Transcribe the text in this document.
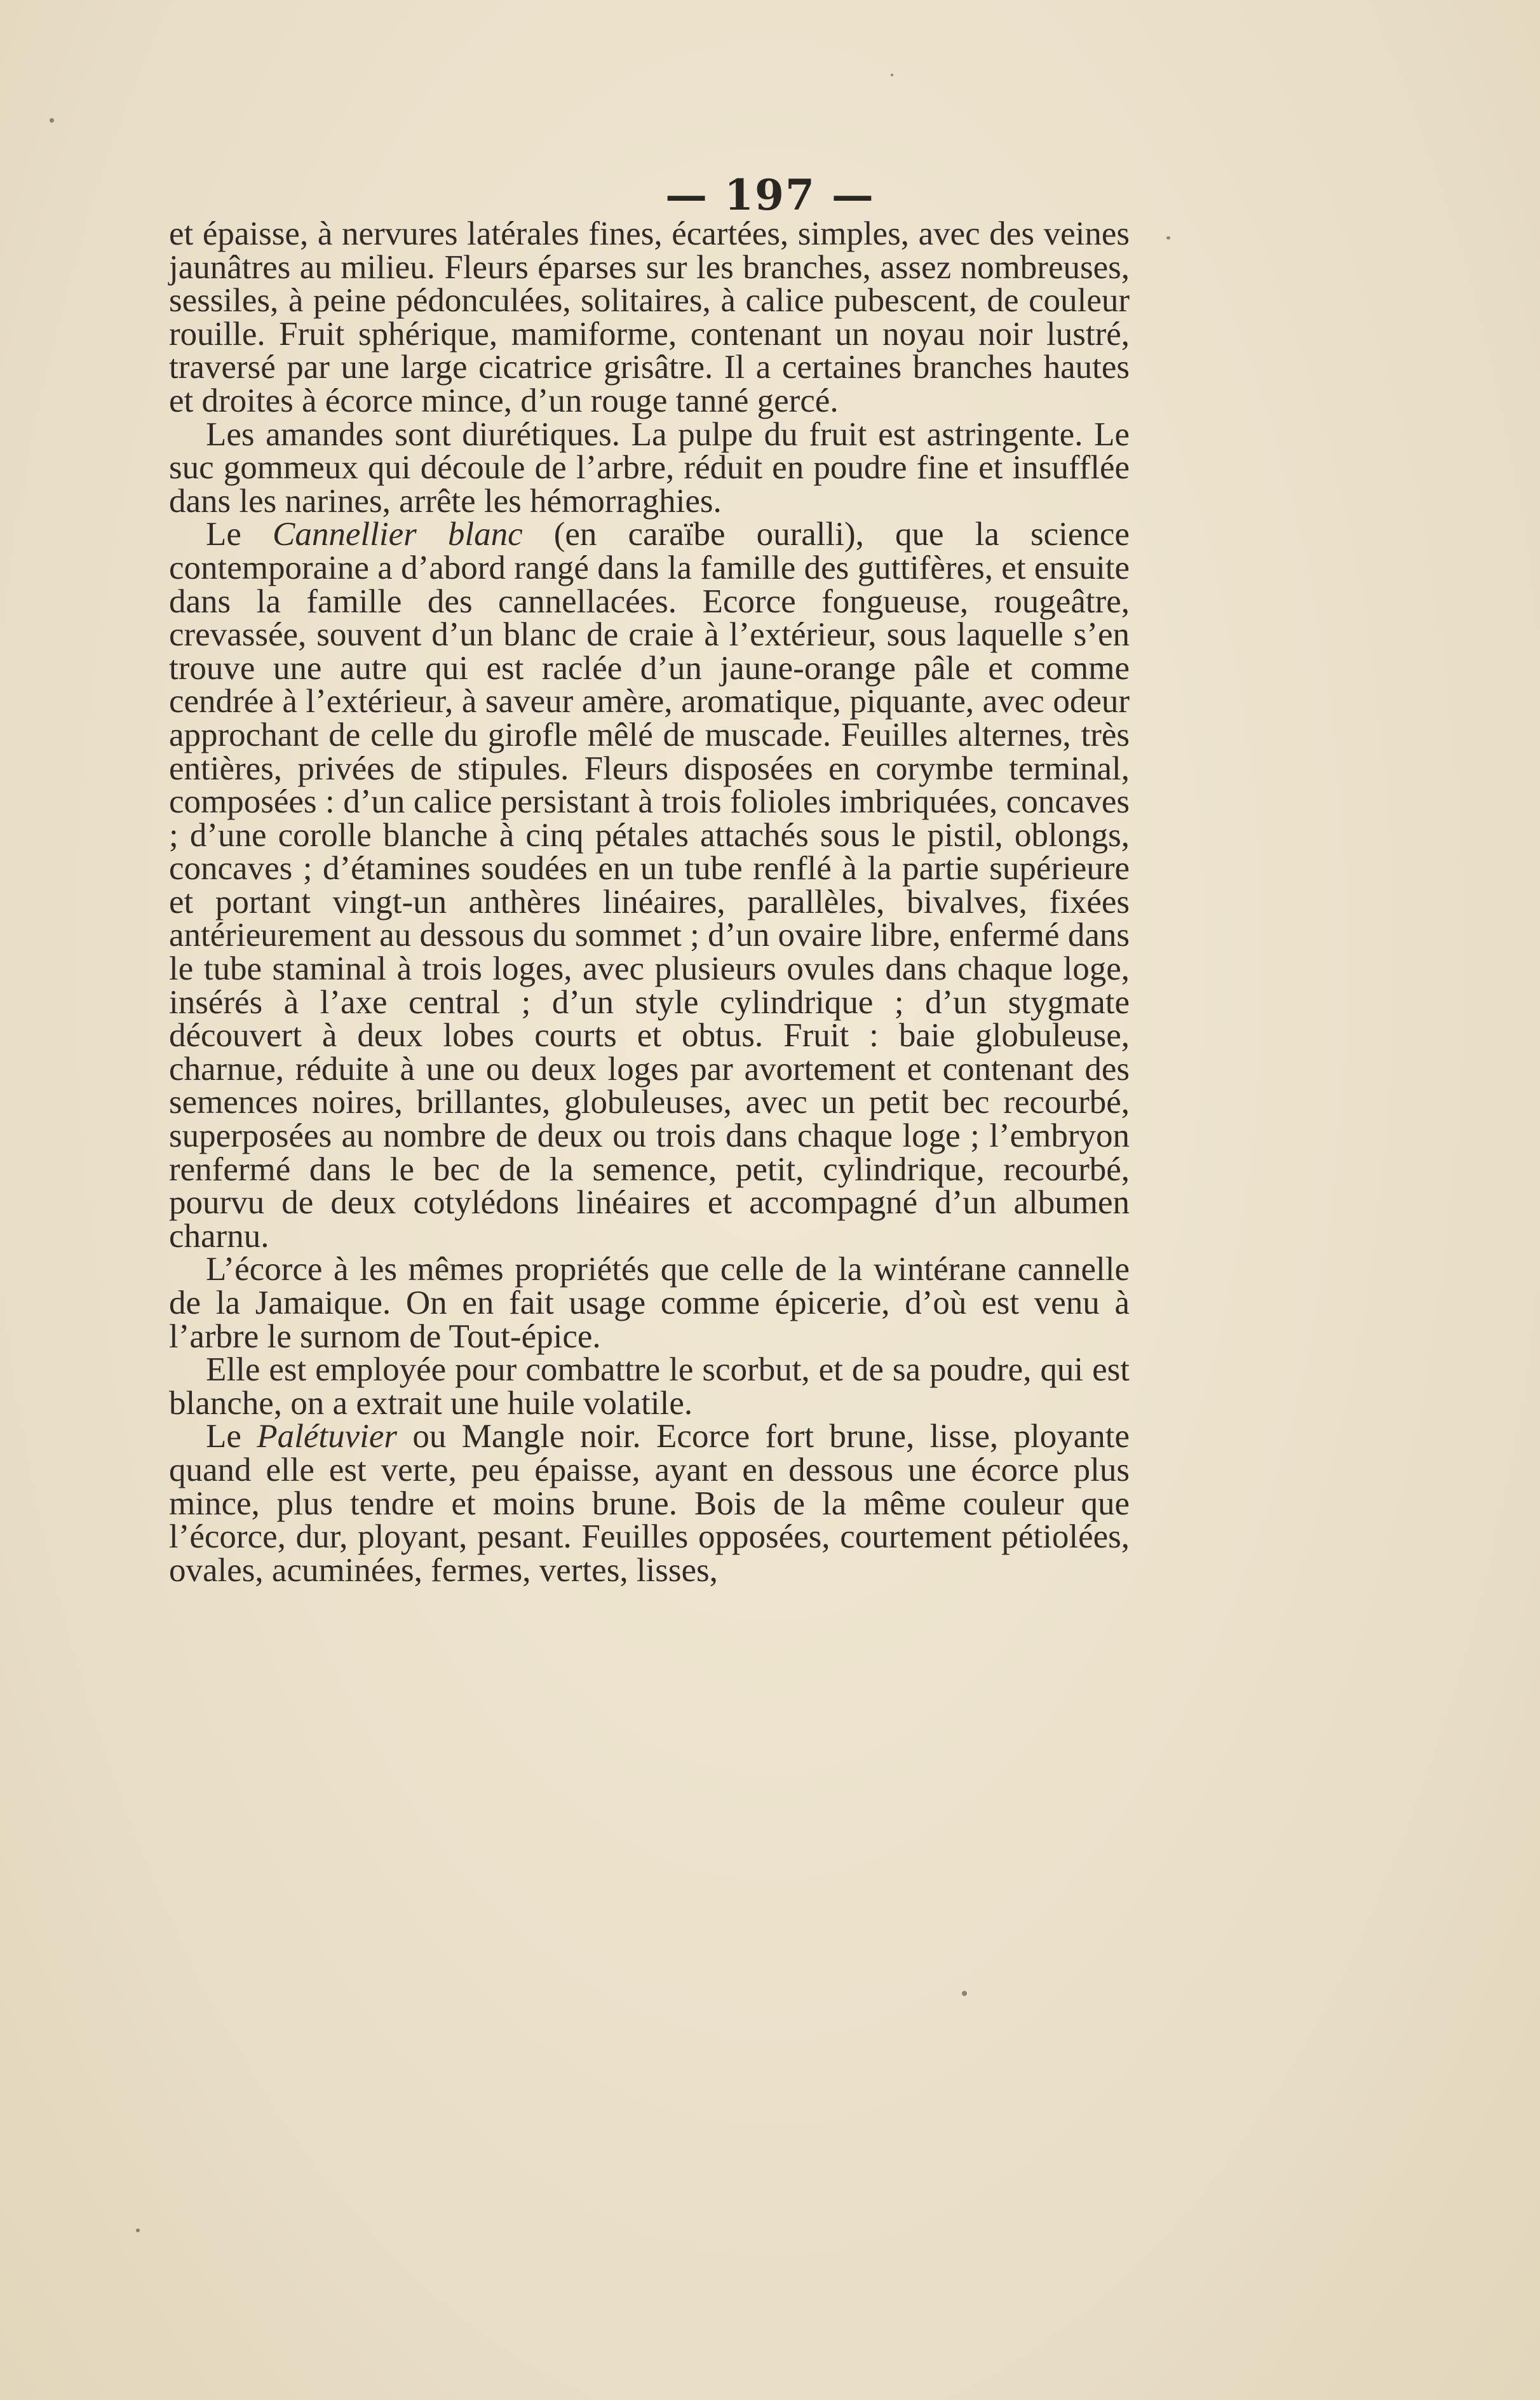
— 197 —

et épaisse, à nervures latérales fines, écartées, simples, avec des veines jaunâtres au milieu. Fleurs éparses sur les branches, assez nombreuses, sessiles, à peine pédonculées, solitaires, à calice pubescent, de couleur rouille. Fruit sphérique, mamiforme, contenant un noyau noir lustré, traversé par une large cicatrice grisâtre. Il a certaines branches hautes et droites à écorce mince, d’un rouge tanné gercé.

Les amandes sont diurétiques. La pulpe du fruit est astringente. Le suc gommeux qui découle de l’arbre, réduit en poudre fine et insufflée dans les narines, arrête les hémorraghies.

Le Cannellier blanc (en caraïbe ouralli), que la science contemporaine a d’abord rangé dans la famille des guttifères, et ensuite dans la famille des cannellacées. Ecorce fongueuse, rougeâtre, crevassée, souvent d’un blanc de craie à l’extérieur, sous laquelle s’en trouve une autre qui est raclée d’un jaune-orange pâle et comme cendrée à l’extérieur, à saveur amère, aromatique, piquante, avec odeur approchant de celle du girofle mêlé de muscade. Feuilles alternes, très entières, privées de stipules. Fleurs disposées en corymbe terminal, composées : d’un calice persistant à trois folioles imbriquées, concaves ; d’une corolle blanche à cinq pétales attachés sous le pistil, oblongs, concaves ; d’étamines soudées en un tube renflé à la partie supérieure et portant vingt-un anthères linéaires, parallèles, bivalves, fixées antérieurement au dessous du sommet ; d’un ovaire libre, enfermé dans le tube staminal à trois loges, avec plusieurs ovules dans chaque loge, insérés à l’axe central ; d’un style cylindrique ; d’un stygmate découvert à deux lobes courts et obtus. Fruit : baie globuleuse, charnue, réduite à une ou deux loges par avortement et contenant des semences noires, brillantes, globuleuses, avec un petit bec recourbé, superposées au nombre de deux ou trois dans chaque loge ; l’embryon renfermé dans le bec de la semence, petit, cylindrique, recourbé, pourvu de deux cotylédons linéaires et accompagné d’un albumen charnu.

L’écorce à les mêmes propriétés que celle de la wintérane cannelle de la Jamaique. On en fait usage comme épicerie, d’où est venu à l’arbre le surnom de Tout-épice.

Elle est employée pour combattre le scorbut, et de sa poudre, qui est blanche, on a extrait une huile volatile.

Le Palétuvier ou Mangle noir. Ecorce fort brune, lisse, ployante quand elle est verte, peu épaisse, ayant en dessous une écorce plus mince, plus tendre et moins brune. Bois de la même couleur que l’écorce, dur, ployant, pesant. Feuilles opposées, courtement pétiolées, ovales, acuminées, fermes, vertes, lisses,
